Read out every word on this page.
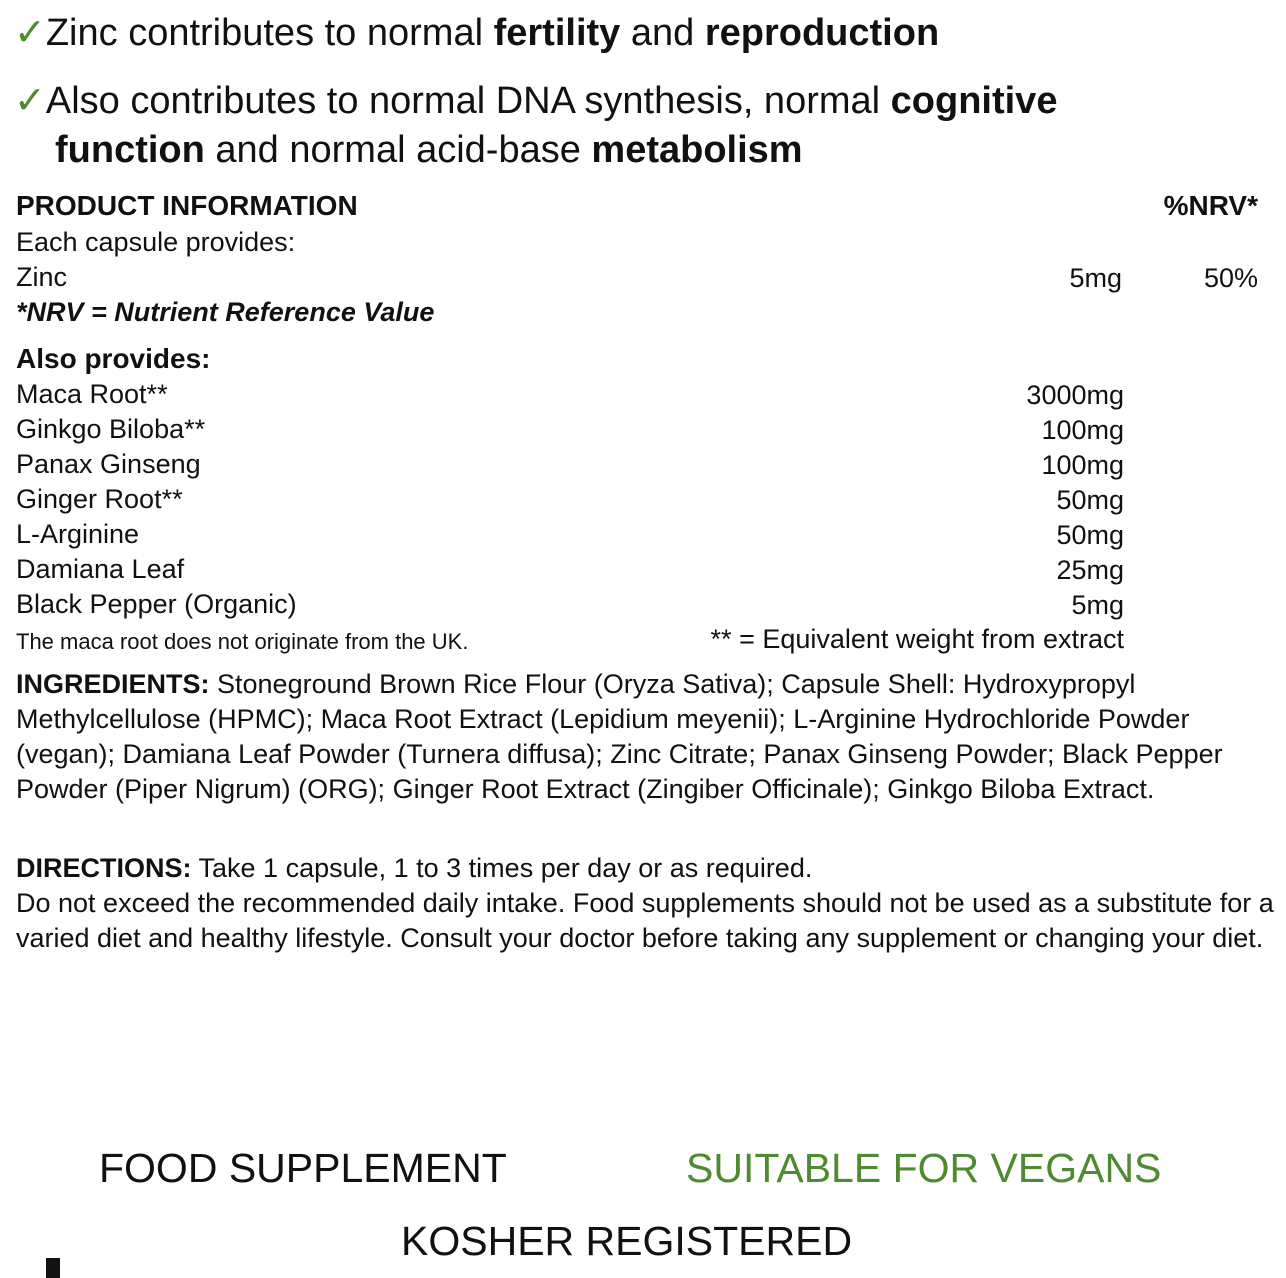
✓Zinc contributes to normal fertility and reproduction
✓Also contributes to normal DNA synthesis, normal cognitive
function and normal acid-base metabolism
PRODUCT INFORMATION	%NRV*
Each capsule provides:
Zinc	5mg	50%
*NRV = Nutrient Reference Value
Also provides:
Maca Root**	3000mg
Ginkgo Biloba**	100mg
Panax Ginseng	100mg
Ginger Root**	50mg
L-Arginine	50mg
Damiana Leaf	25mg
Black Pepper (Organic)	5mg
The maca root does not originate from the UK.	** = Equivalent weight from extract
INGREDIENTS: Stoneground Brown Rice Flour (Oryza Sativa); Capsule Shell: Hydroxypropyl Methylcellulose (HPMC); Maca Root Extract (Lepidium meyenii); L-Arginine Hydrochloride Powder (vegan); Damiana Leaf Powder (Turnera diffusa); Zinc Citrate; Panax Ginseng Powder; Black Pepper Powder (Piper Nigrum) (ORG); Ginger Root Extract (Zingiber Officinale); Ginkgo Biloba Extract.
DIRECTIONS: Take 1 capsule, 1 to 3 times per day or as required.
Do not exceed the recommended daily intake. Food supplements should not be used as a substitute for a varied diet and healthy lifestyle. Consult your doctor before taking any supplement or changing your diet.
FOOD SUPPLEMENT	SUITABLE FOR VEGANS
KOSHER REGISTERED
